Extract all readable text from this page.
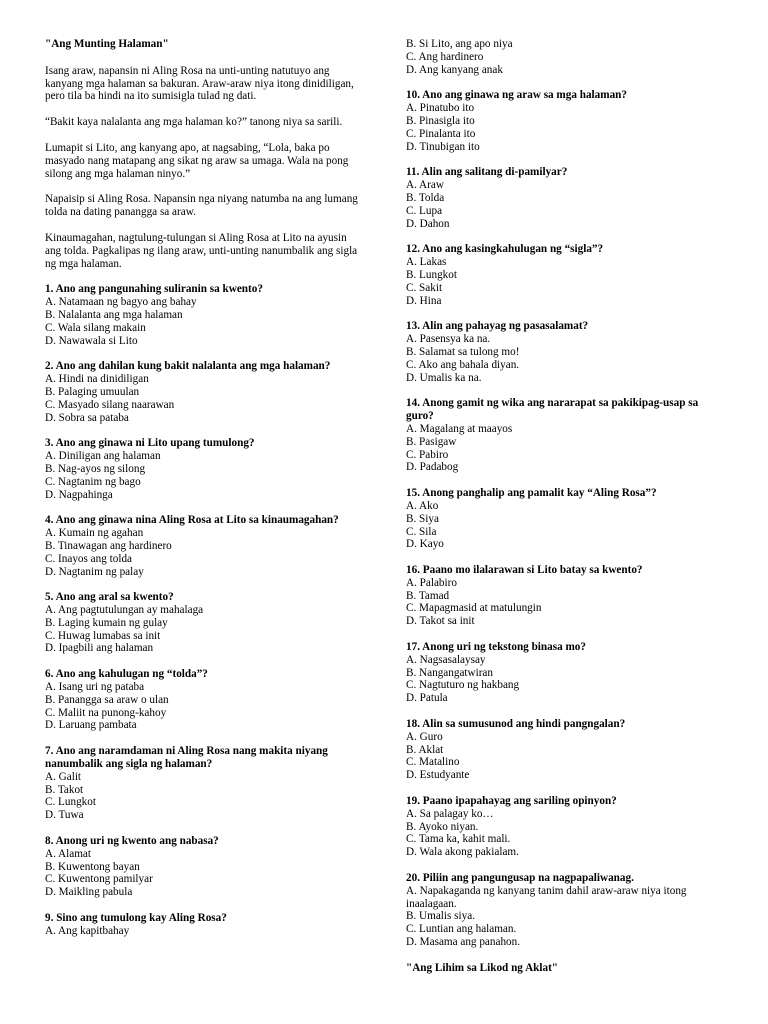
"Ang Munting Halaman"

Isang araw, napansin ni Aling Rosa na unti-unting natutuyo ang kanyang mga halaman sa bakuran. Araw-araw niya itong dinidiligan, pero tila ba hindi na ito sumisigla tulad ng dati.

“Bakit kaya nalalanta ang mga halaman ko?” tanong niya sa sarili.

Lumapit si Lito, ang kanyang apo, at nagsabing, “Lola, baka po masyado nang matapang ang sikat ng araw sa umaga. Wala na pong silong ang mga halaman ninyo.”

Napaisip si Aling Rosa. Napansin nga niyang natumba na ang lumang tolda na dating panangga sa araw.

Kinaumagahan, nagtulung-tulungan si Aling Rosa at Lito na ayusin ang tolda. Pagkalipas ng ilang araw, unti-unting nanumbalik ang sigla ng mga halaman.

1. Ano ang pangunahing suliranin sa kwento?
A. Natamaan ng bagyo ang bahay
B. Nalalanta ang mga halaman
C. Wala silang makain
D. Nawawala si Lito
2. Ano ang dahilan kung bakit nalalanta ang mga halaman?
A. Hindi na dinidiligan
B. Palaging umuulan
C. Masyado silang naarawan
D. Sobra sa pataba
3. Ano ang ginawa ni Lito upang tumulong?
A. Diniligan ang halaman
B. Nag-ayos ng silong
C. Nagtanim ng bago
D. Nagpahinga
4. Ano ang ginawa nina Aling Rosa at Lito sa kinaumagahan?
A. Kumain ng agahan
B. Tinawagan ang hardinero
C. Inayos ang tolda
D. Nagtanim ng palay
5. Ano ang aral sa kwento?
A. Ang pagtutulungan ay mahalaga
B. Laging kumain ng gulay
C. Huwag lumabas sa init
D. Ipagbili ang halaman
6. Ano ang kahulugan ng “tolda”?
A. Isang uri ng pataba
B. Panangga sa araw o ulan
C. Maliit na punong-kahoy
D. Laruang pambata
7. Ano ang naramdaman ni Aling Rosa nang makita niyang nanumbalik ang sigla ng halaman?
A. Galit
B. Takot
C. Lungkot
D. Tuwa
8. Anong uri ng kwento ang nabasa?
A. Alamat
B. Kuwentong bayan
C. Kuwentong pamilyar
D. Maikling pabula
9. Sino ang tumulong kay Aling Rosa?
A. Ang kapitbahay
B. Si Lito, ang apo niya
C. Ang hardinero
D. Ang kanyang anak
10. Ano ang ginawa ng araw sa mga halaman?
A. Pinatubo ito
B. Pinasigla ito
C. Pinalanta ito
D. Tinubigan ito
11. Alin ang salitang di-pamilyar?
A. Araw
B. Tolda
C. Lupa
D. Dahon
12. Ano ang kasingkahulugan ng “sigla”?
A. Lakas
B. Lungkot
C. Sakit
D. Hina
13. Alin ang pahayag ng pasasalamat?
A. Pasensya ka na.
B. Salamat sa tulong mo!
C. Ako ang bahala diyan.
D. Umalis ka na.
14. Anong gamit ng wika ang nararapat sa pakikipag-usap sa guro?
A. Magalang at maayos
B. Pasigaw
C. Pabiro
D. Padabog
15. Anong panghalip ang pamalit kay “Aling Rosa”?
A. Ako
B. Siya
C. Sila
D. Kayo
16. Paano mo ilalarawan si Lito batay sa kwento?
A. Palabiro
B. Tamad
C. Mapagmasid at matulungin
D. Takot sa init
17. Anong uri ng tekstong binasa mo?
A. Nagsasalaysay
B. Nangangatwiran
C. Nagtuturo ng hakbang
D. Patula
18. Alin sa sumusunod ang hindi pangngalan?
A. Guro
B. Aklat
C. Matalino
D. Estudyante
19. Paano ipapahayag ang sariling opinyon?
A. Sa palagay ko…
B. Ayoko niyan.
C. Tama ka, kahit mali.
D. Wala akong pakialam.
20. Piliin ang pangungusap na nagpapaliwanag.
A. Napakaganda ng kanyang tanim dahil araw-araw niya itong inaalagaan.
B. Umalis siya.
C. Luntian ang halaman.
D. Masama ang panahon.
"Ang Lihim sa Likod ng Aklat"
